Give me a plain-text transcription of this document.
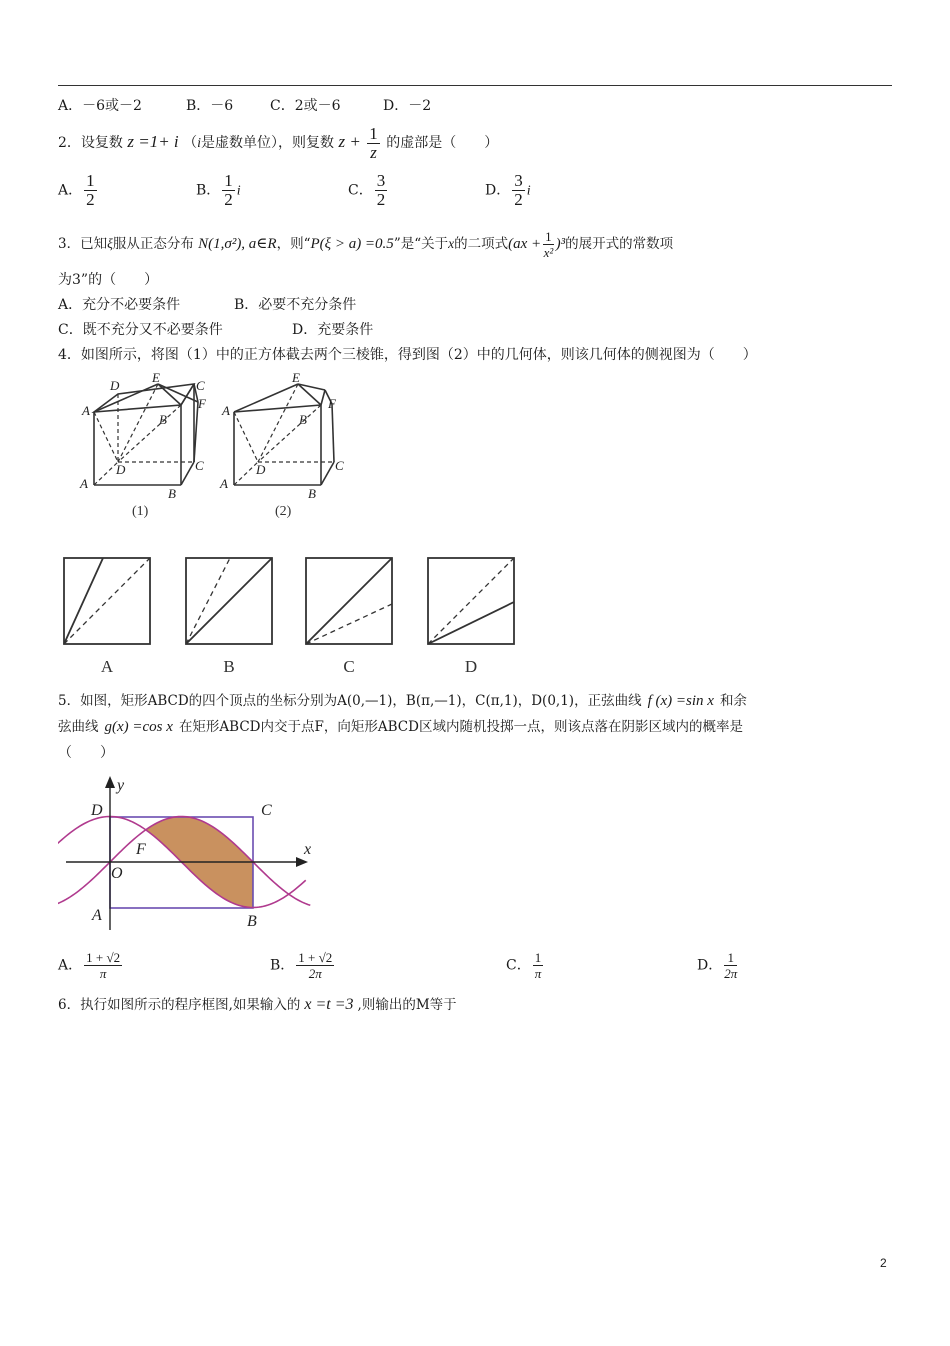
A．－6或－2	B．－6	C．2或－6	D．－2
2．设复数 z =1+ i （i是虚数单位），则复数 $z + \frac{1}{z}$ 的虚部是（　　）
A． $\frac{1}{2}$	B． $\frac{1}{2}$ i	C． $\frac{3}{2}$	D． $\frac{3}{2}$ i
3．已知ξ服从正态分布 N(1,σ²), a∈R，则“P(ξ > a) =0.5”是“关于x的二项式$(ax + \frac{1}{\text{x²}} )^3$的展开式的常数项
为3”的（　　）
A．充分不必要条件	B．必要不充分条件
C．既不充分又不必要条件	D．充要条件
4．如图所示，将图（1）中的正方体截去两个三棱锥，得到图（2）中的几何体，则该几何体的侧视图为（　　）
D
E
C
A
B
F
D	C
A
B
(1)
E
A
B
F
D	C
A
B
(2)
A	B	C	D
5．如图，矩形ABCD的四个顶点的坐标分别为A(0,—1)，B(π,—1)，C(π,1)，D(0,1)，正弦曲线 f (x) =sin x 和余
弦曲线 g(x) =cos x 在矩形ABCD内交于点F，向矩形ABCD区域内随机投掷一点，则该点落在阴影区域内的概率是
（　　）
y
x
D	C
F
O
A	B
A． $\frac{1 + √2}{\pi}$	B． $\frac{1 + √2}{2\pi}$	C． $\frac{1}{\pi}$	D． $\frac{1}{2\pi}$
6．执行如图所示的程序框图,如果输入的 x =t =3 ,则输出的M等于
2
